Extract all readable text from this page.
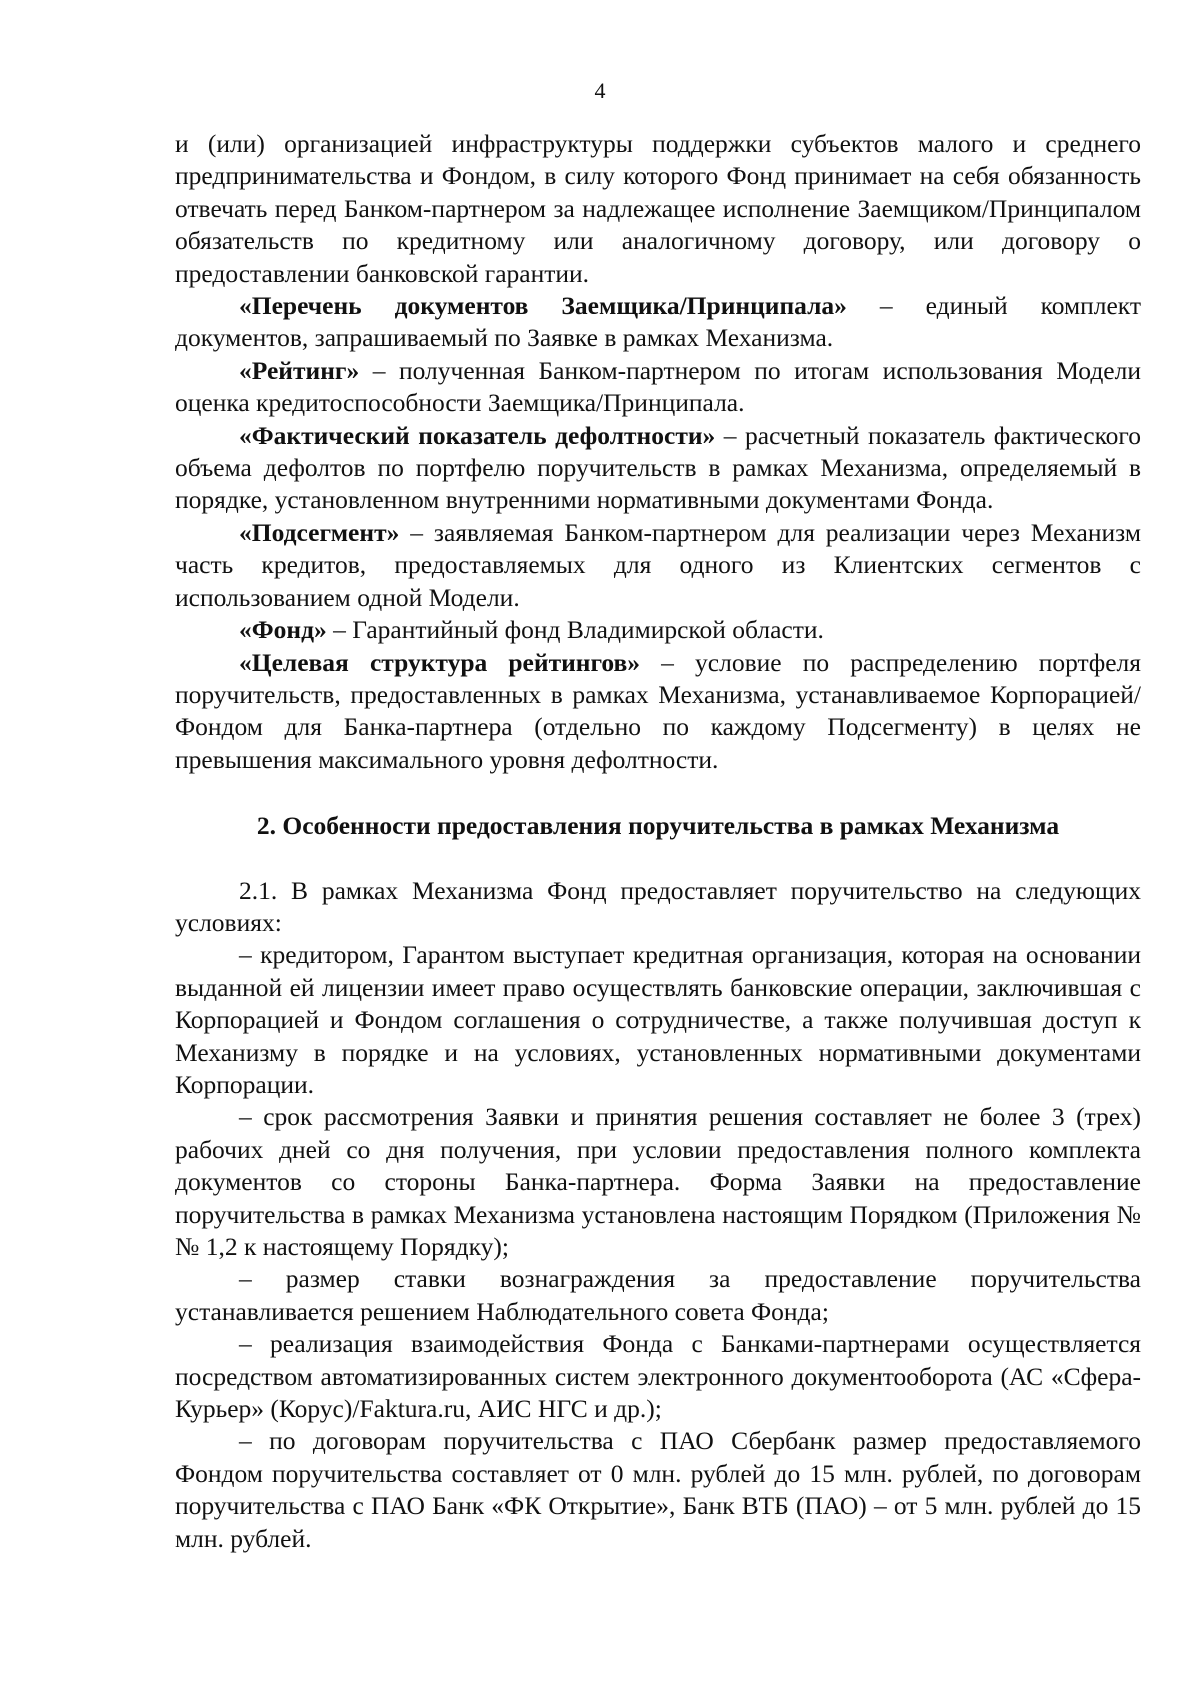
4

и (или) организацией инфраструктуры поддержки субъектов малого и среднего предпринимательства и Фондом, в силу которого Фонд принимает на себя обязанность отвечать перед Банком-партнером за надлежащее исполнение Заемщиком/Принципалом обязательств по кредитному или аналогичному договору, или договору о предоставлении банковской гарантии.

«Перечень документов Заемщика/Принципала» – единый комплект документов, запрашиваемый по Заявке в рамках Механизма.

«Рейтинг» – полученная Банком-партнером по итогам использования Модели оценка кредитоспособности Заемщика/Принципала.

«Фактический показатель дефолтности» – расчетный показатель фактического объема дефолтов по портфелю поручительств в рамках Механизма, определяемый в порядке, установленном внутренними нормативными документами Фонда.

«Подсегмент» – заявляемая Банком-партнером для реализации через Механизм часть кредитов, предоставляемых для одного из Клиентских сегментов с использованием одной Модели.

«Фонд» – Гарантийный фонд Владимирской области.

«Целевая структура рейтингов» – условие по распределению портфеля поручительств, предоставленных в рамках Механизма, устанавливаемое Корпорацией/Фондом для Банка-партнера (отдельно по каждому Подсегменту) в целях не превышения максимального уровня дефолтности.

2. Особенности предоставления поручительства в рамках Механизма

2.1. В рамках Механизма Фонд предоставляет поручительство на следующих условиях:

– кредитором, Гарантом выступает кредитная организация, которая на основании выданной ей лицензии имеет право осуществлять банковские операции, заключившая с Корпорацией и Фондом соглашения о сотрудничестве, а также получившая доступ к Механизму в порядке и на условиях, установленных нормативными документами Корпорации.

– срок рассмотрения Заявки и принятия решения составляет не более 3 (трех) рабочих дней со дня получения, при условии предоставления полного комплекта документов со стороны Банка-партнера. Форма Заявки на предоставление поручительства в рамках Механизма установлена настоящим Порядком (Приложения № № 1,2 к настоящему Порядку);

– размер ставки вознаграждения за предоставление поручительства устанавливается решением Наблюдательного совета Фонда;

– реализация взаимодействия Фонда с Банками-партнерами осуществляется посредством автоматизированных систем электронного документооборота (АС «Сфера-Курьер» (Корус)/Faktura.ru, АИС НГС и др.);

– по договорам поручительства с ПАО Сбербанк размер предоставляемого Фондом поручительства составляет от 0 млн. рублей до 15 млн. рублей, по договорам поручительства с ПАО Банк «ФК Открытие», Банк ВТБ (ПАО) – от 5 млн. рублей до 15 млн. рублей.
